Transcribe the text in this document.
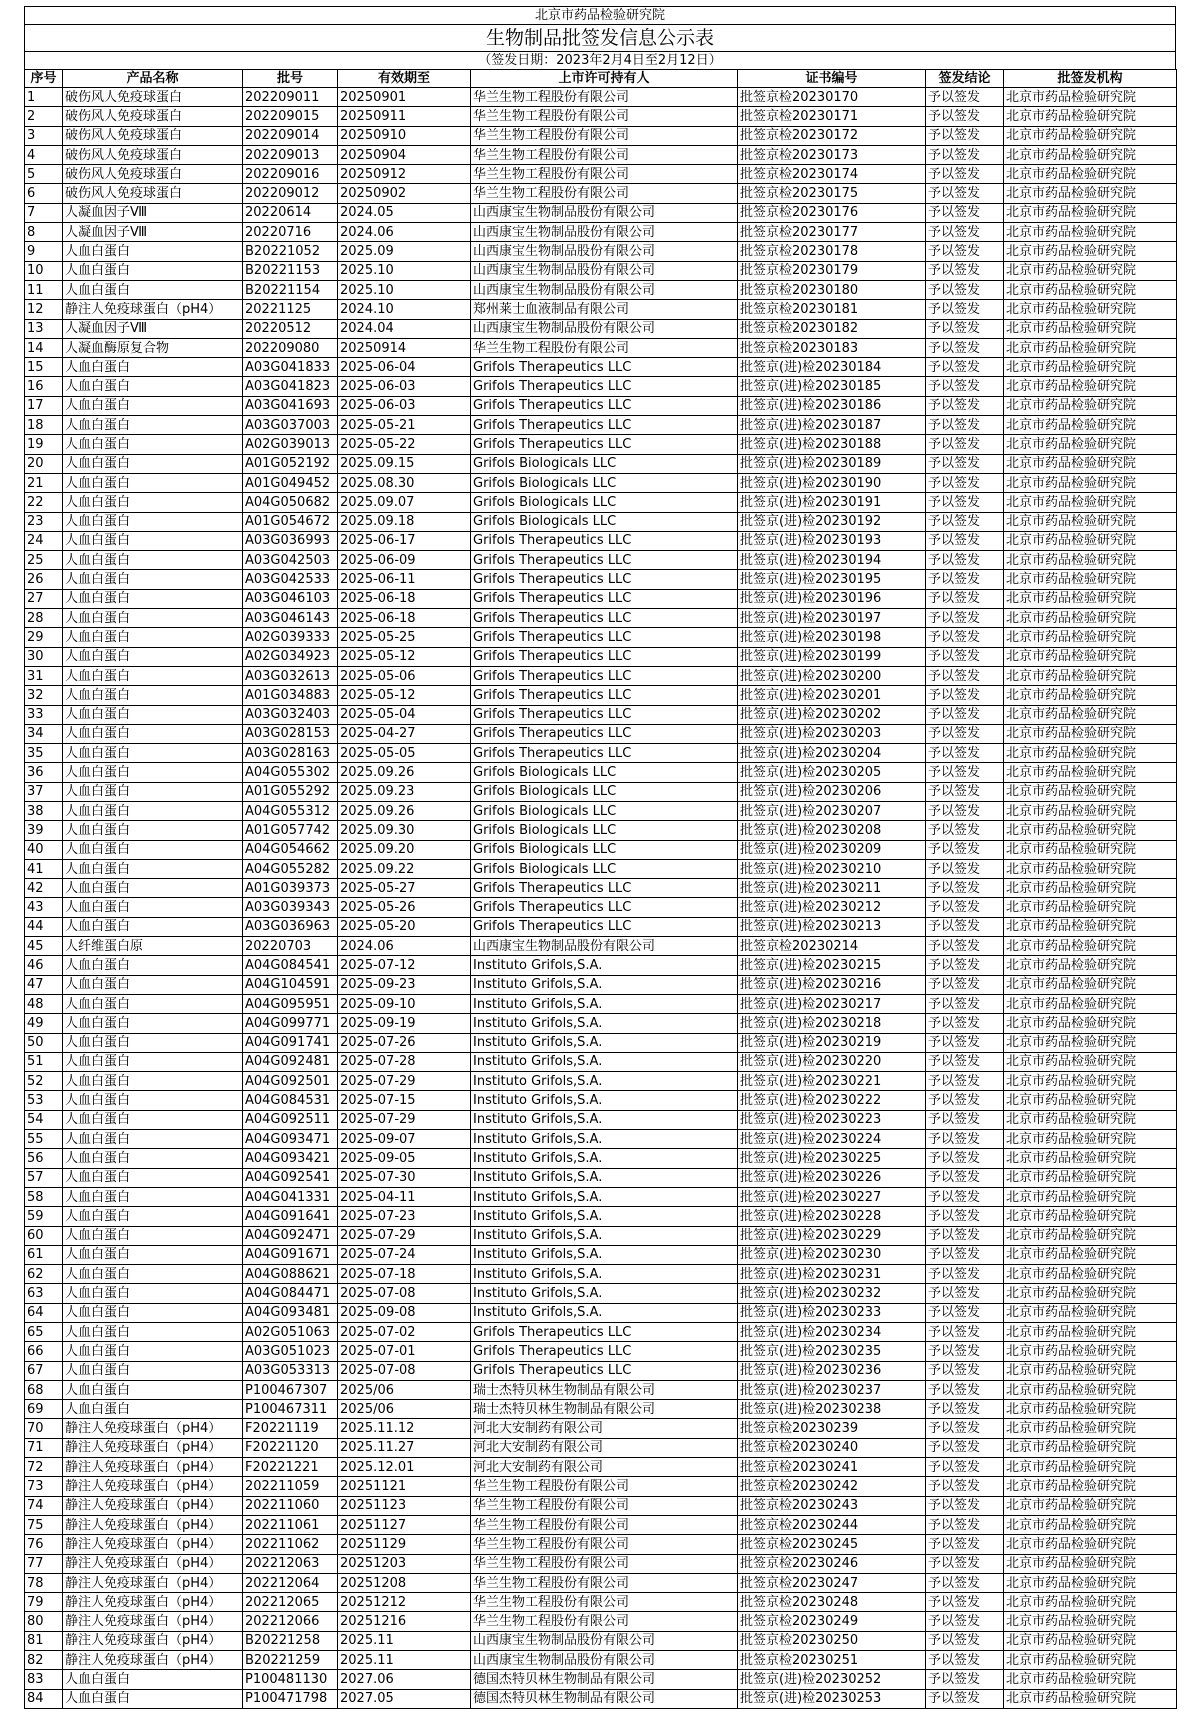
北京市药品检验研究院
生物制品批签发信息公示表
（签发日期：2023年2月4日至2月12日）
序号	产品名称	批号	有效期至	上市许可持有人	证书编号	签发结论	批签发机构
1	破伤风人免疫球蛋白	202209011	20250901	华兰生物工程股份有限公司	批签京检20230170	予以签发	北京市药品检验研究院
2	破伤风人免疫球蛋白	202209015	20250911	华兰生物工程股份有限公司	批签京检20230171	予以签发	北京市药品检验研究院
3	破伤风人免疫球蛋白	202209014	20250910	华兰生物工程股份有限公司	批签京检20230172	予以签发	北京市药品检验研究院
4	破伤风人免疫球蛋白	202209013	20250904	华兰生物工程股份有限公司	批签京检20230173	予以签发	北京市药品检验研究院
5	破伤风人免疫球蛋白	202209016	20250912	华兰生物工程股份有限公司	批签京检20230174	予以签发	北京市药品检验研究院
6	破伤风人免疫球蛋白	202209012	20250902	华兰生物工程股份有限公司	批签京检20230175	予以签发	北京市药品检验研究院
7	人凝血因子Ⅷ	20220614	2024.05	山西康宝生物制品股份有限公司	批签京检20230176	予以签发	北京市药品检验研究院
8	人凝血因子Ⅷ	20220716	2024.06	山西康宝生物制品股份有限公司	批签京检20230177	予以签发	北京市药品检验研究院
9	人血白蛋白	B20221052	2025.09	山西康宝生物制品股份有限公司	批签京检20230178	予以签发	北京市药品检验研究院
10	人血白蛋白	B20221153	2025.10	山西康宝生物制品股份有限公司	批签京检20230179	予以签发	北京市药品检验研究院
11	人血白蛋白	B20221154	2025.10	山西康宝生物制品股份有限公司	批签京检20230180	予以签发	北京市药品检验研究院
12	静注人免疫球蛋白（pH4）	20221125	2024.10	郑州莱士血液制品有限公司	批签京检20230181	予以签发	北京市药品检验研究院
13	人凝血因子Ⅷ	20220512	2024.04	山西康宝生物制品股份有限公司	批签京检20230182	予以签发	北京市药品检验研究院
14	人凝血酶原复合物	202209080	20250914	华兰生物工程股份有限公司	批签京检20230183	予以签发	北京市药品检验研究院
15	人血白蛋白	A03G041833	2025-06-04	Grifols Therapeutics LLC	批签京(进)检20230184	予以签发	北京市药品检验研究院
16	人血白蛋白	A03G041823	2025-06-03	Grifols Therapeutics LLC	批签京(进)检20230185	予以签发	北京市药品检验研究院
17	人血白蛋白	A03G041693	2025-06-03	Grifols Therapeutics LLC	批签京(进)检20230186	予以签发	北京市药品检验研究院
18	人血白蛋白	A03G037003	2025-05-21	Grifols Therapeutics LLC	批签京(进)检20230187	予以签发	北京市药品检验研究院
19	人血白蛋白	A02G039013	2025-05-22	Grifols Therapeutics LLC	批签京(进)检20230188	予以签发	北京市药品检验研究院
20	人血白蛋白	A01G052192	2025.09.15	Grifols Biologicals LLC	批签京(进)检20230189	予以签发	北京市药品检验研究院
21	人血白蛋白	A01G049452	2025.08.30	Grifols Biologicals LLC	批签京(进)检20230190	予以签发	北京市药品检验研究院
22	人血白蛋白	A04G050682	2025.09.07	Grifols Biologicals LLC	批签京(进)检20230191	予以签发	北京市药品检验研究院
23	人血白蛋白	A01G054672	2025.09.18	Grifols Biologicals LLC	批签京(进)检20230192	予以签发	北京市药品检验研究院
24	人血白蛋白	A03G036993	2025-06-17	Grifols Therapeutics LLC	批签京(进)检20230193	予以签发	北京市药品检验研究院
25	人血白蛋白	A03G042503	2025-06-09	Grifols Therapeutics LLC	批签京(进)检20230194	予以签发	北京市药品检验研究院
26	人血白蛋白	A03G042533	2025-06-11	Grifols Therapeutics LLC	批签京(进)检20230195	予以签发	北京市药品检验研究院
27	人血白蛋白	A03G046103	2025-06-18	Grifols Therapeutics LLC	批签京(进)检20230196	予以签发	北京市药品检验研究院
28	人血白蛋白	A03G046143	2025-06-18	Grifols Therapeutics LLC	批签京(进)检20230197	予以签发	北京市药品检验研究院
29	人血白蛋白	A02G039333	2025-05-25	Grifols Therapeutics LLC	批签京(进)检20230198	予以签发	北京市药品检验研究院
30	人血白蛋白	A02G034923	2025-05-12	Grifols Therapeutics LLC	批签京(进)检20230199	予以签发	北京市药品检验研究院
31	人血白蛋白	A03G032613	2025-05-06	Grifols Therapeutics LLC	批签京(进)检20230200	予以签发	北京市药品检验研究院
32	人血白蛋白	A01G034883	2025-05-12	Grifols Therapeutics LLC	批签京(进)检20230201	予以签发	北京市药品检验研究院
33	人血白蛋白	A03G032403	2025-05-04	Grifols Therapeutics LLC	批签京(进)检20230202	予以签发	北京市药品检验研究院
34	人血白蛋白	A03G028153	2025-04-27	Grifols Therapeutics LLC	批签京(进)检20230203	予以签发	北京市药品检验研究院
35	人血白蛋白	A03G028163	2025-05-05	Grifols Therapeutics LLC	批签京(进)检20230204	予以签发	北京市药品检验研究院
36	人血白蛋白	A04G055302	2025.09.26	Grifols Biologicals LLC	批签京(进)检20230205	予以签发	北京市药品检验研究院
37	人血白蛋白	A01G055292	2025.09.23	Grifols Biologicals LLC	批签京(进)检20230206	予以签发	北京市药品检验研究院
38	人血白蛋白	A04G055312	2025.09.26	Grifols Biologicals LLC	批签京(进)检20230207	予以签发	北京市药品检验研究院
39	人血白蛋白	A01G057742	2025.09.30	Grifols Biologicals LLC	批签京(进)检20230208	予以签发	北京市药品检验研究院
40	人血白蛋白	A04G054662	2025.09.20	Grifols Biologicals LLC	批签京(进)检20230209	予以签发	北京市药品检验研究院
41	人血白蛋白	A04G055282	2025.09.22	Grifols Biologicals LLC	批签京(进)检20230210	予以签发	北京市药品检验研究院
42	人血白蛋白	A01G039373	2025-05-27	Grifols Therapeutics LLC	批签京(进)检20230211	予以签发	北京市药品检验研究院
43	人血白蛋白	A03G039343	2025-05-26	Grifols Therapeutics LLC	批签京(进)检20230212	予以签发	北京市药品检验研究院
44	人血白蛋白	A03G036963	2025-05-20	Grifols Therapeutics LLC	批签京(进)检20230213	予以签发	北京市药品检验研究院
45	人纤维蛋白原	20220703	2024.06	山西康宝生物制品股份有限公司	批签京检20230214	予以签发	北京市药品检验研究院
46	人血白蛋白	A04G084541	2025-07-12	Instituto Grifols,S.A.	批签京(进)检20230215	予以签发	北京市药品检验研究院
47	人血白蛋白	A04G104591	2025-09-23	Instituto Grifols,S.A.	批签京(进)检20230216	予以签发	北京市药品检验研究院
48	人血白蛋白	A04G095951	2025-09-10	Instituto Grifols,S.A.	批签京(进)检20230217	予以签发	北京市药品检验研究院
49	人血白蛋白	A04G099771	2025-09-19	Instituto Grifols,S.A.	批签京(进)检20230218	予以签发	北京市药品检验研究院
50	人血白蛋白	A04G091741	2025-07-26	Instituto Grifols,S.A.	批签京(进)检20230219	予以签发	北京市药品检验研究院
51	人血白蛋白	A04G092481	2025-07-28	Instituto Grifols,S.A.	批签京(进)检20230220	予以签发	北京市药品检验研究院
52	人血白蛋白	A04G092501	2025-07-29	Instituto Grifols,S.A.	批签京(进)检20230221	予以签发	北京市药品检验研究院
53	人血白蛋白	A04G084531	2025-07-15	Instituto Grifols,S.A.	批签京(进)检20230222	予以签发	北京市药品检验研究院
54	人血白蛋白	A04G092511	2025-07-29	Instituto Grifols,S.A.	批签京(进)检20230223	予以签发	北京市药品检验研究院
55	人血白蛋白	A04G093471	2025-09-07	Instituto Grifols,S.A.	批签京(进)检20230224	予以签发	北京市药品检验研究院
56	人血白蛋白	A04G093421	2025-09-05	Instituto Grifols,S.A.	批签京(进)检20230225	予以签发	北京市药品检验研究院
57	人血白蛋白	A04G092541	2025-07-30	Instituto Grifols,S.A.	批签京(进)检20230226	予以签发	北京市药品检验研究院
58	人血白蛋白	A04G041331	2025-04-11	Instituto Grifols,S.A.	批签京(进)检20230227	予以签发	北京市药品检验研究院
59	人血白蛋白	A04G091641	2025-07-23	Instituto Grifols,S.A.	批签京(进)检20230228	予以签发	北京市药品检验研究院
60	人血白蛋白	A04G092471	2025-07-29	Instituto Grifols,S.A.	批签京(进)检20230229	予以签发	北京市药品检验研究院
61	人血白蛋白	A04G091671	2025-07-24	Instituto Grifols,S.A.	批签京(进)检20230230	予以签发	北京市药品检验研究院
62	人血白蛋白	A04G088621	2025-07-18	Instituto Grifols,S.A.	批签京(进)检20230231	予以签发	北京市药品检验研究院
63	人血白蛋白	A04G084471	2025-07-08	Instituto Grifols,S.A.	批签京(进)检20230232	予以签发	北京市药品检验研究院
64	人血白蛋白	A04G093481	2025-09-08	Instituto Grifols,S.A.	批签京(进)检20230233	予以签发	北京市药品检验研究院
65	人血白蛋白	A02G051063	2025-07-02	Grifols Therapeutics LLC	批签京(进)检20230234	予以签发	北京市药品检验研究院
66	人血白蛋白	A03G051023	2025-07-01	Grifols Therapeutics LLC	批签京(进)检20230235	予以签发	北京市药品检验研究院
67	人血白蛋白	A03G053313	2025-07-08	Grifols Therapeutics LLC	批签京(进)检20230236	予以签发	北京市药品检验研究院
68	人血白蛋白	P100467307	2025/06	瑞士杰特贝林生物制品有限公司	批签京(进)检20230237	予以签发	北京市药品检验研究院
69	人血白蛋白	P100467311	2025/06	瑞士杰特贝林生物制品有限公司	批签京(进)检20230238	予以签发	北京市药品检验研究院
70	静注人免疫球蛋白（pH4）	F20221119	2025.11.12	河北大安制药有限公司	批签京检20230239	予以签发	北京市药品检验研究院
71	静注人免疫球蛋白（pH4）	F20221120	2025.11.27	河北大安制药有限公司	批签京检20230240	予以签发	北京市药品检验研究院
72	静注人免疫球蛋白（pH4）	F20221221	2025.12.01	河北大安制药有限公司	批签京检20230241	予以签发	北京市药品检验研究院
73	静注人免疫球蛋白（pH4）	202211059	20251121	华兰生物工程股份有限公司	批签京检20230242	予以签发	北京市药品检验研究院
74	静注人免疫球蛋白（pH4）	202211060	20251123	华兰生物工程股份有限公司	批签京检20230243	予以签发	北京市药品检验研究院
75	静注人免疫球蛋白（pH4）	202211061	20251127	华兰生物工程股份有限公司	批签京检20230244	予以签发	北京市药品检验研究院
76	静注人免疫球蛋白（pH4）	202211062	20251129	华兰生物工程股份有限公司	批签京检20230245	予以签发	北京市药品检验研究院
77	静注人免疫球蛋白（pH4）	202212063	20251203	华兰生物工程股份有限公司	批签京检20230246	予以签发	北京市药品检验研究院
78	静注人免疫球蛋白（pH4）	202212064	20251208	华兰生物工程股份有限公司	批签京检20230247	予以签发	北京市药品检验研究院
79	静注人免疫球蛋白（pH4）	202212065	20251212	华兰生物工程股份有限公司	批签京检20230248	予以签发	北京市药品检验研究院
80	静注人免疫球蛋白（pH4）	202212066	20251216	华兰生物工程股份有限公司	批签京检20230249	予以签发	北京市药品检验研究院
81	静注人免疫球蛋白（pH4）	B20221258	2025.11	山西康宝生物制品股份有限公司	批签京检20230250	予以签发	北京市药品检验研究院
82	静注人免疫球蛋白（pH4）	B20221259	2025.11	山西康宝生物制品股份有限公司	批签京检20230251	予以签发	北京市药品检验研究院
83	人血白蛋白	P100481130	2027.06	德国杰特贝林生物制品有限公司	批签京(进)检20230252	予以签发	北京市药品检验研究院
84	人血白蛋白	P100471798	2027.05	德国杰特贝林生物制品有限公司	批签京(进)检20230253	予以签发	北京市药品检验研究院
